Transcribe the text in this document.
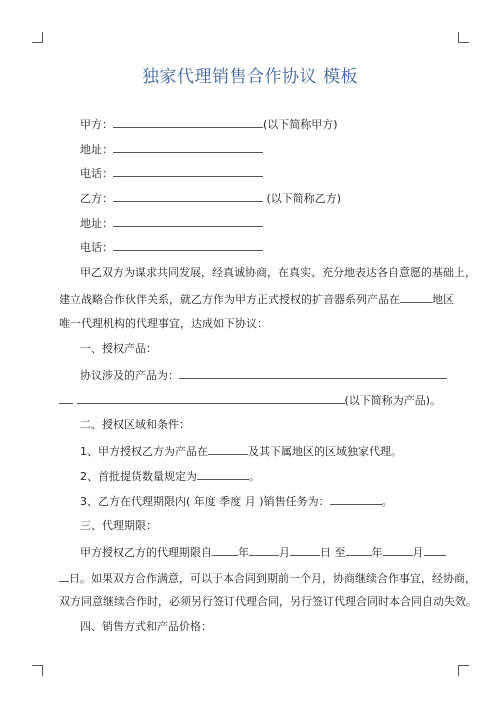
独家代理销售合作协议 模板
甲方：	(以下简称甲方)
地址：
电话：
乙方：	(以下简称乙方)
地址：
电话：
甲乙双方为谋求共同发展，经真诚协商，在真实、充分地表达各自意愿的基础上，
建立战略合作伙伴关系，就乙方作为甲方正式授权的扩音器系列产品在	地区
唯一代理机构的代理事宜，达成如下协议：
一、授权产品：
协议涉及的产品为：
(以下简称为产品)。
二、授权区域和条件：
1、甲方授权乙方为产品在	及其下属地区的区域独家代理。
2、首批提货数量规定为	。
3、乙方在代理期限内( 年度 季度 月 )销售任务为：	。
三、代理期限：
甲方授权乙方的代理期限自 年	月	日 至 年	月
日。如果双方合作满意，可以于本合同到期前一个月，协商继续合作事宜，经协商，
双方同意继续合作时，必须另行签订代理合同，另行签订代理合同时本合同自动失效。
四、销售方式和产品价格：
